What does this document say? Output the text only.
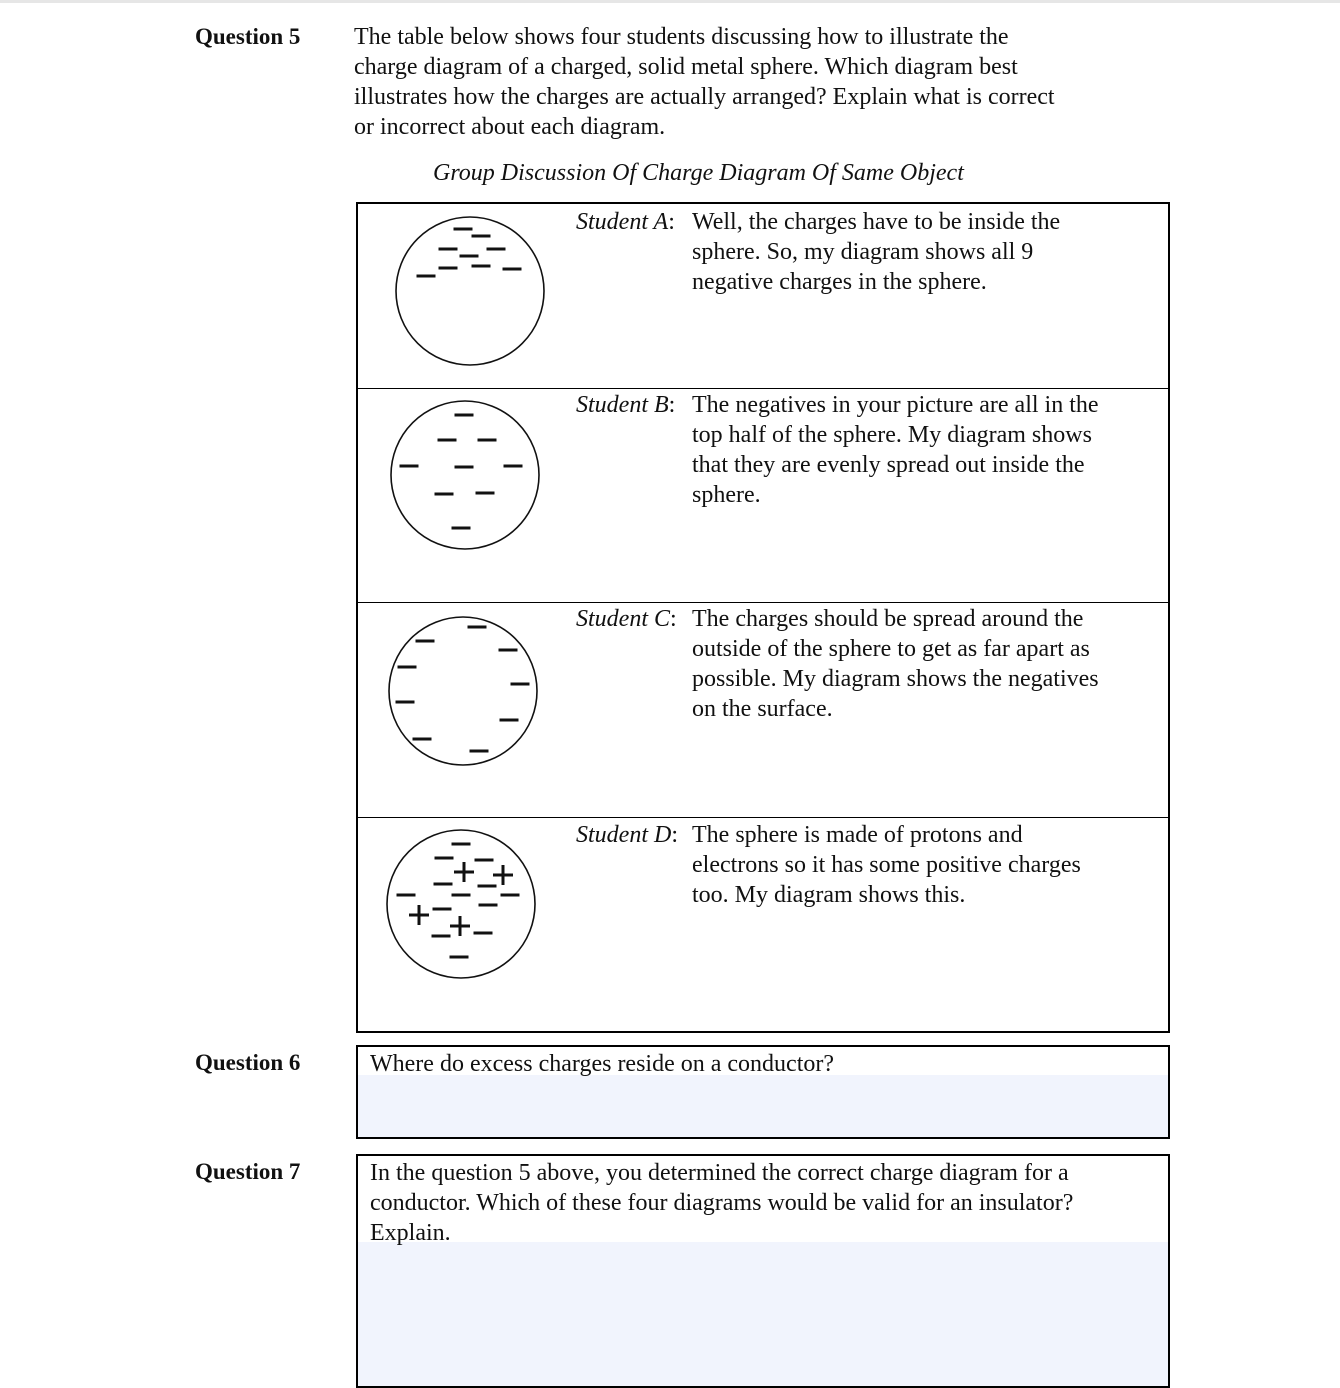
Question 5 The table below shows four students discussing how to illustrate the
charge diagram of a charged, solid metal sphere. Which diagram best
illustrates how the charges are actually arranged? Explain what is correct
or incorrect about each diagram.
Group Discussion Of Charge Diagram Of Same Object
Student A: Well, the charges have to be inside the
sphere. So, my diagram shows all 9
negative charges in the sphere.
Student B: The negatives in your picture are all in the
top half of the sphere. My diagram shows
that they are evenly spread out inside the
sphere.
Student C: The charges should be spread around the
outside of the sphere to get as far apart as
possible. My diagram shows the negatives
on the surface.
Student D: The sphere is made of protons and
electrons so it has some positive charges
too. My diagram shows this.
Question 6	Where do excess charges reside on a conductor?
Question 7	In the question 5 above, you determined the correct charge diagram for a
conductor. Which of these four diagrams would be valid for an insulator?
Explain.
